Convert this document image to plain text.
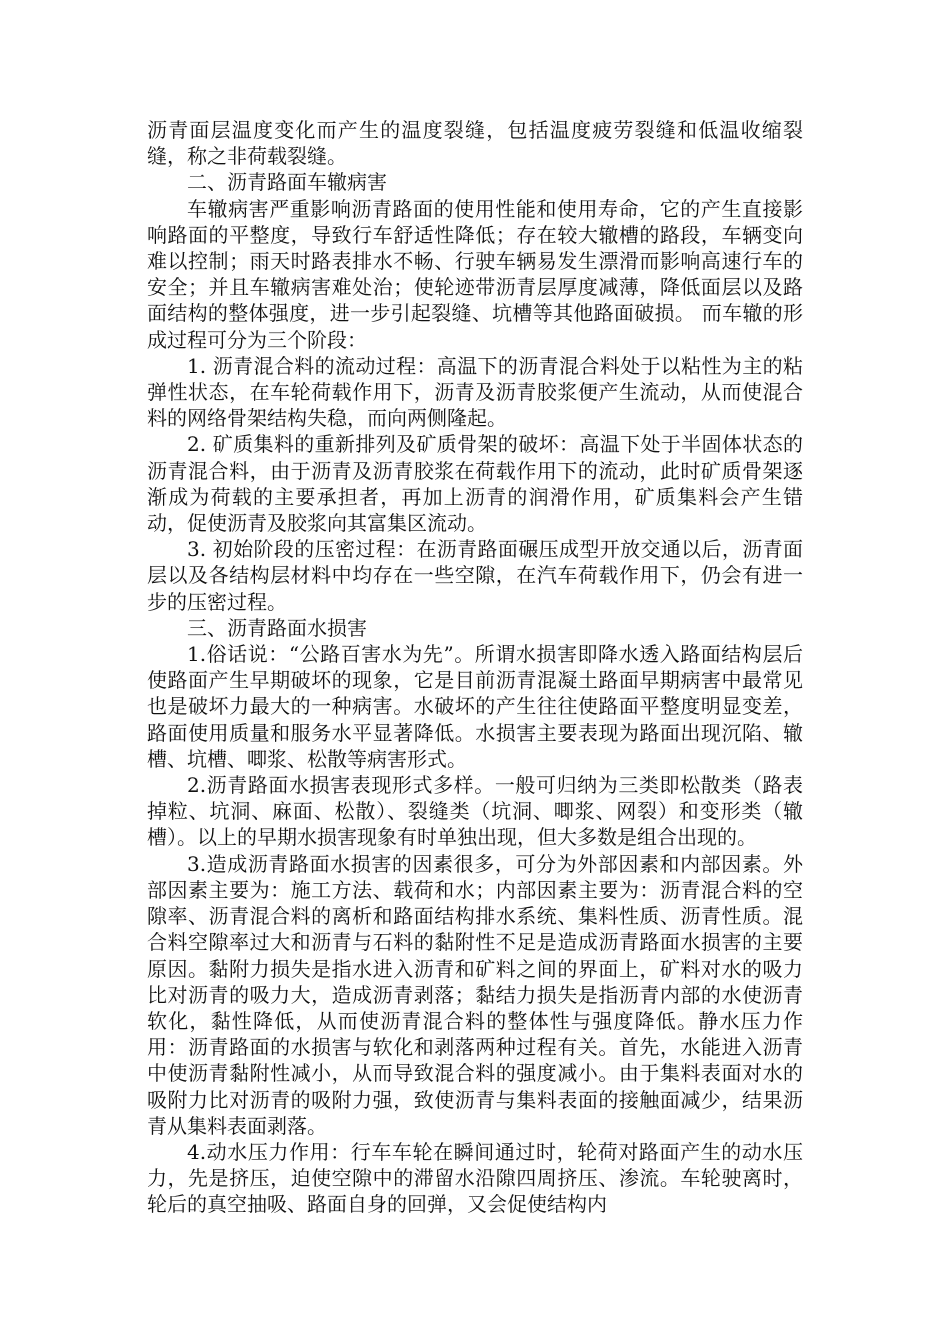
沥青面层温度变化而产生的温度裂缝，包括温度疲劳裂缝和低温收缩裂缝，称之非荷载裂缝。

二、沥青路面车辙病害

车辙病害严重影响沥青路面的使用性能和使用寿命，它的产生直接影响路面的平整度，导致行车舒适性降低；存在较大辙槽的路段，车辆变向难以控制；雨天时路表排水不畅、行驶车辆易发生漂滑而影响高速行车的安全；并且车辙病害难处治；使轮迹带沥青层厚度减薄，降低面层以及路面结构的整体强度，进一步引起裂缝、坑槽等其他路面破损。 而车辙的形成过程可分为三个阶段：

1. 沥青混合料的流动过程：高温下的沥青混合料处于以粘性为主的粘弹性状态，在车轮荷载作用下，沥青及沥青胶浆便产生流动，从而使混合料的网络骨架结构失稳，而向两侧隆起。

2. 矿质集料的重新排列及矿质骨架的破坏：高温下处于半固体状态的沥青混合料，由于沥青及沥青胶浆在荷载作用下的流动，此时矿质骨架逐渐成为荷载的主要承担者，再加上沥青的润滑作用，矿质集料会产生错动，促使沥青及胶浆向其富集区流动。

3. 初始阶段的压密过程：在沥青路面碾压成型开放交通以后，沥青面层以及各结构层材料中均存在一些空隙，在汽车荷载作用下，仍会有进一步的压密过程。

三、沥青路面水损害

1.俗话说：“公路百害水为先”。所谓水损害即降水透入路面结构层后使路面产生早期破坏的现象，它是目前沥青混凝土路面早期病害中最常见也是破坏力最大的一种病害。水破坏的产生往往使路面平整度明显变差，路面使用质量和服务水平显著降低。水损害主要表现为路面出现沉陷、辙槽、坑槽、唧浆、松散等病害形式。

2.沥青路面水损害表现形式多样。一般可归纳为三类即松散类（路表掉粒、坑洞、麻面、松散）、裂缝类（坑洞、唧浆、网裂）和变形类（辙槽）。以上的早期水损害现象有时单独出现，但大多数是组合出现的。

3.造成沥青路面水损害的因素很多，可分为外部因素和内部因素。外部因素主要为：施工方法、载荷和水；内部因素主要为：沥青混合料的空隙率、沥青混合料的离析和路面结构排水系统、集料性质、沥青性质。混合料空隙率过大和沥青与石料的黏附性不足是造成沥青路面水损害的主要原因。黏附力损失是指水进入沥青和矿料之间的界面上，矿料对水的吸力比对沥青的吸力大，造成沥青剥落；黏结力损失是指沥青内部的水使沥青软化，黏性降低，从而使沥青混合料的整体性与强度降低。静水压力作用：沥青路面的水损害与软化和剥落两种过程有关。首先，水能进入沥青中使沥青黏附性减小，从而导致混合料的强度减小。由于集料表面对水的吸附力比对沥青的吸附力强，致使沥青与集料表面的接触面减少，结果沥青从集料表面剥落。

4.动水压力作用：行车车轮在瞬间通过时，轮荷对路面产生的动水压力，先是挤压，迫使空隙中的滞留水沿隙四周挤压、渗流。车轮驶离时，轮后的真空抽吸、路面自身的回弹，又会促使结构内
